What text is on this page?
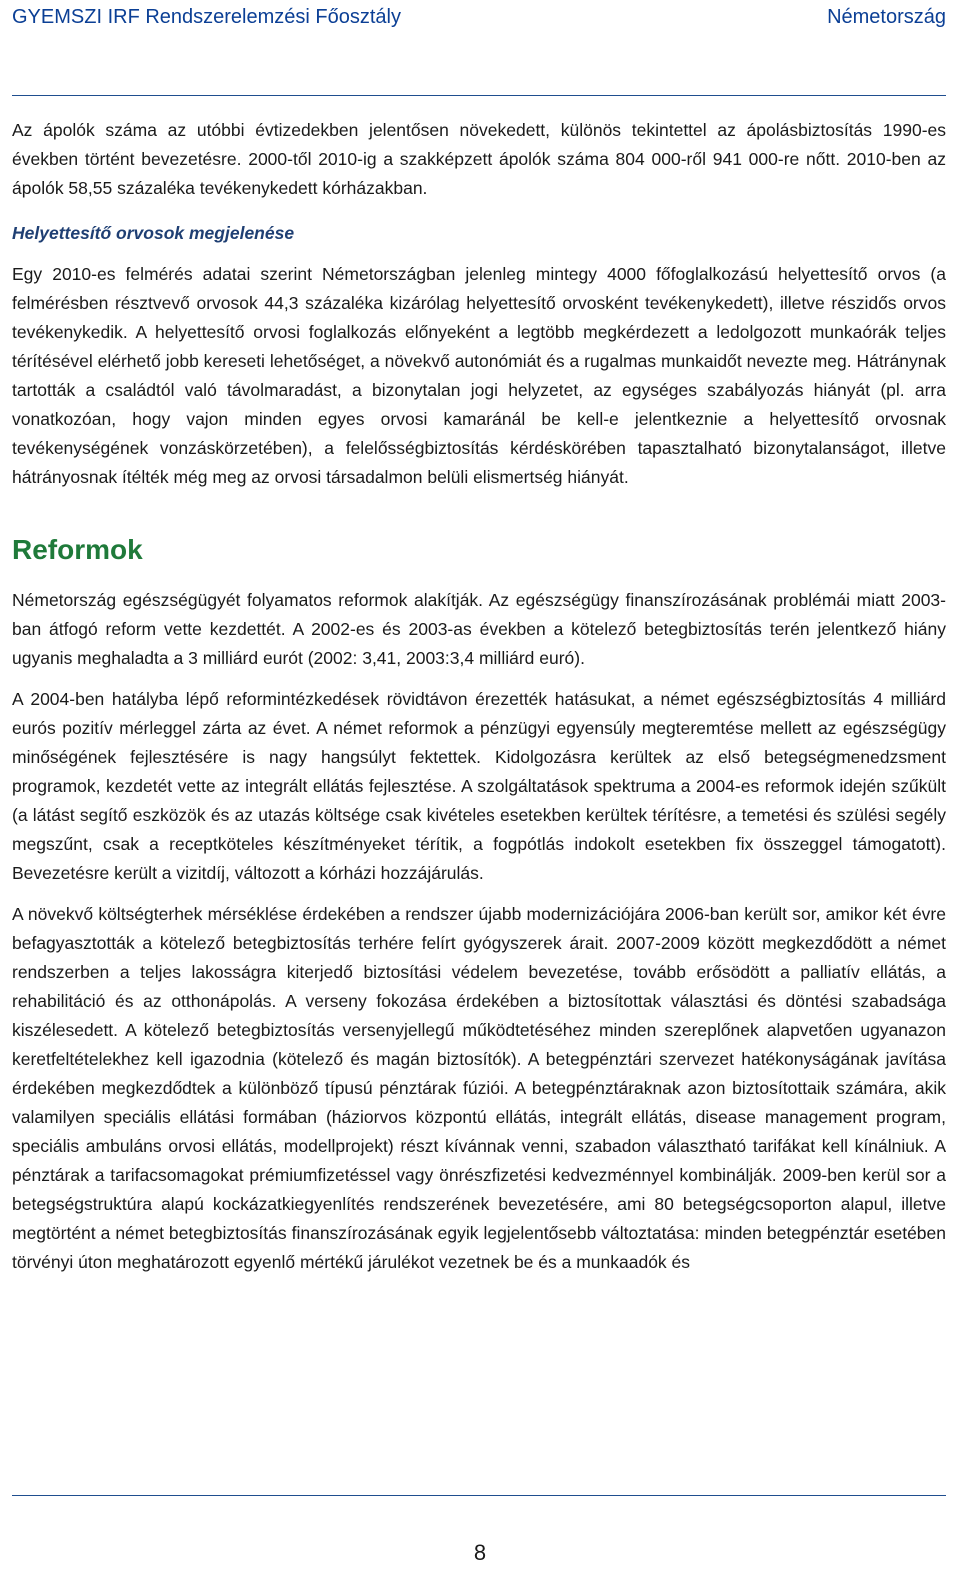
GYEMSZI IRF Rendszerelemzési Főosztály	Németország

Az ápolók száma az utóbbi évtizedekben jelentősen növekedett, különös tekintettel az ápolásbiztosítás 1990-es években történt bevezetésre. 2000-től 2010-ig a szakképzett ápolók száma 804 000-ről 941 000-re nőtt. 2010-ben az ápolók 58,55 százaléka tevékenykedett kórházakban.

Helyettesítő orvosok megjelenése

Egy 2010-es felmérés adatai szerint Németországban jelenleg mintegy 4000 főfoglalkozású helyettesítő orvos (a felmérésben résztvevő orvosok 44,3 százaléka kizárólag helyettesítő orvosként tevékenykedett), illetve részidős orvos tevékenykedik. A helyettesítő orvosi foglalkozás előnyeként a legtöbb megkérdezett a ledolgozott munkaórák teljes térítésével elérhető jobb kereseti lehetőséget, a növekvő autonómiát és a rugalmas munkaidőt nevezte meg. Hátránynak tartották a családtól való távolmaradást, a bizonytalan jogi helyzetet, az egységes szabályozás hiányát (pl. arra vonatkozóan, hogy vajon minden egyes orvosi kamaránál be kell-e jelentkeznie a helyettesítő orvosnak tevékenységének vonzáskörzetében), a felelősségbiztosítás kérdéskörében tapasztalható bizonytalanságot, illetve hátrányosnak ítélték még meg az orvosi társadalmon belüli elismertség hiányát.

Reformok

Németország egészségügyét folyamatos reformok alakítják. Az egészségügy finanszírozásának problémái miatt 2003-ban átfogó reform vette kezdettét. A 2002-es és 2003-as években a kötelező betegbiztosítás terén jelentkező hiány ugyanis meghaladta a 3 milliárd eurót (2002: 3,41, 2003:3,4 milliárd euró).

A 2004-ben hatályba lépő reformintézkedések rövidtávon érezették hatásukat, a német egészségbiztosítás 4 milliárd eurós pozitív mérleggel zárta az évet. A német reformok a pénzügyi egyensúly megteremtése mellett az egészségügy minőségének fejlesztésére is nagy hangsúlyt fektettek. Kidolgozásra kerültek az első betegségmenedzsment programok, kezdetét vette az integrált ellátás fejlesztése. A szolgáltatások spektruma a 2004-es reformok idején szűkült (a látást segítő eszközök és az utazás költsége csak kivételes esetekben kerültek térítésre, a temetési és szülési segély megszűnt, csak a receptköteles készítményeket térítik, a fogpótlás indokolt esetekben fix összeggel támogatott). Bevezetésre került a vizitdíj, változott a kórházi hozzájárulás.

A növekvő költségterhek mérséklése érdekében a rendszer újabb modernizációjára 2006-ban került sor, amikor két évre befagyasztották a kötelező betegbiztosítás terhére felírt gyógyszerek árait. 2007-2009 között megkezdődött a német rendszerben a teljes lakosságra kiterjedő biztosítási védelem bevezetése, tovább erősödött a palliatív ellátás, a rehabilitáció és az otthonápolás. A verseny fokozása érdekében a biztosítottak választási és döntési szabadsága kiszélesedett. A kötelező betegbiztosítás versenyjellegű működtetéséhez minden szereplőnek alapvetően ugyanazon keretfeltételekhez kell igazodnia (kötelező és magán biztosítók). A betegpénztári szervezet hatékonyságának javítása érdekében megkezdődtek a különböző típusú pénztárak fúziói. A betegpénztáraknak azon biztosítottaik számára, akik valamilyen speciális ellátási formában (háziorvos központú ellátás, integrált ellátás, disease management program, speciális ambuláns orvosi ellátás, modellprojekt) részt kívánnak venni, szabadon választható tarifákat kell kínálniuk. A pénztárak a tarifacsomagokat prémiumfizetéssel vagy önrészfizetési kedvezménnyel kombinálják. 2009-ben kerül sor a betegségstruktúra alapú kockázatkiegyenlítés rendszerének bevezetésére, ami 80 betegségcsoporton alapul, illetve megtörtént a német betegbiztosítás finanszírozásának egyik legjelentősebb változtatása: minden betegpénztár esetében törvényi úton meghatározott egyenlő mértékű járulékot vezetnek be és a munkaadók és

8
